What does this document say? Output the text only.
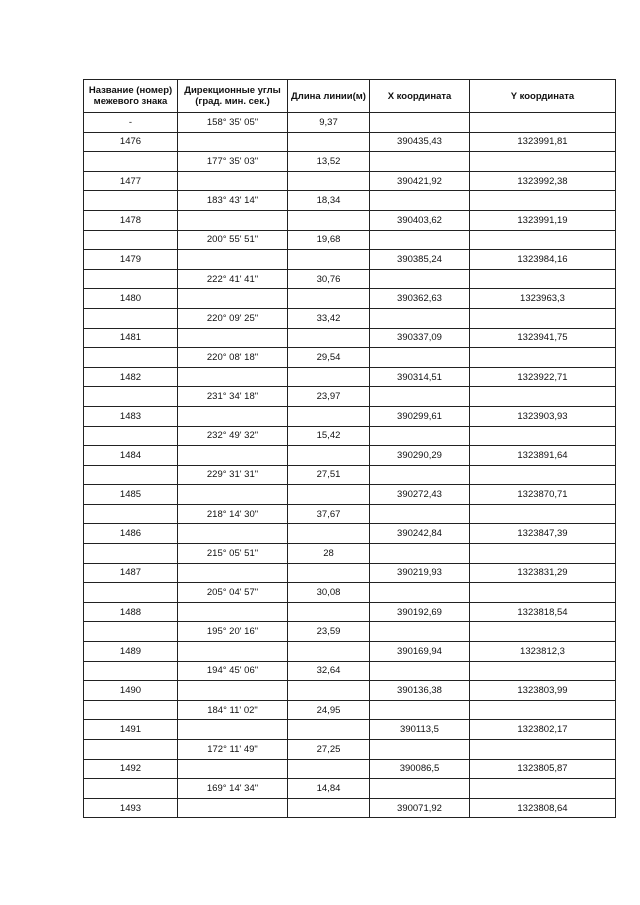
Название (номер) межевого знака	Дирекционные углы (град. мин. сек.)	Длина линии(м)	X координата	Y координата
-	158° 35' 05"	9,37		
1476			390435,43	1323991,81
	177° 35' 03"	13,52		
1477			390421,92	1323992,38
	183° 43' 14"	18,34		
1478			390403,62	1323991,19
	200° 55' 51"	19,68		
1479			390385,24	1323984,16
	222° 41' 41"	30,76		
1480			390362,63	1323963,3
	220° 09' 25"	33,42		
1481			390337,09	1323941,75
	220° 08' 18"	29,54		
1482			390314,51	1323922,71
	231° 34' 18"	23,97		
1483			390299,61	1323903,93
	232° 49' 32"	15,42		
1484			390290,29	1323891,64
	229° 31' 31"	27,51		
1485			390272,43	1323870,71
	218° 14' 30"	37,67		
1486			390242,84	1323847,39
	215° 05' 51"	28		
1487			390219,93	1323831,29
	205° 04' 57"	30,08		
1488			390192,69	1323818,54
	195° 20' 16"	23,59		
1489			390169,94	1323812,3
	194° 45' 06"	32,64		
1490			390136,38	1323803,99
	184° 11' 02"	24,95		
1491			390113,5	1323802,17
	172° 11' 49"	27,25		
1492			390086,5	1323805,87
	169° 14' 34"	14,84		
1493			390071,92	1323808,64
